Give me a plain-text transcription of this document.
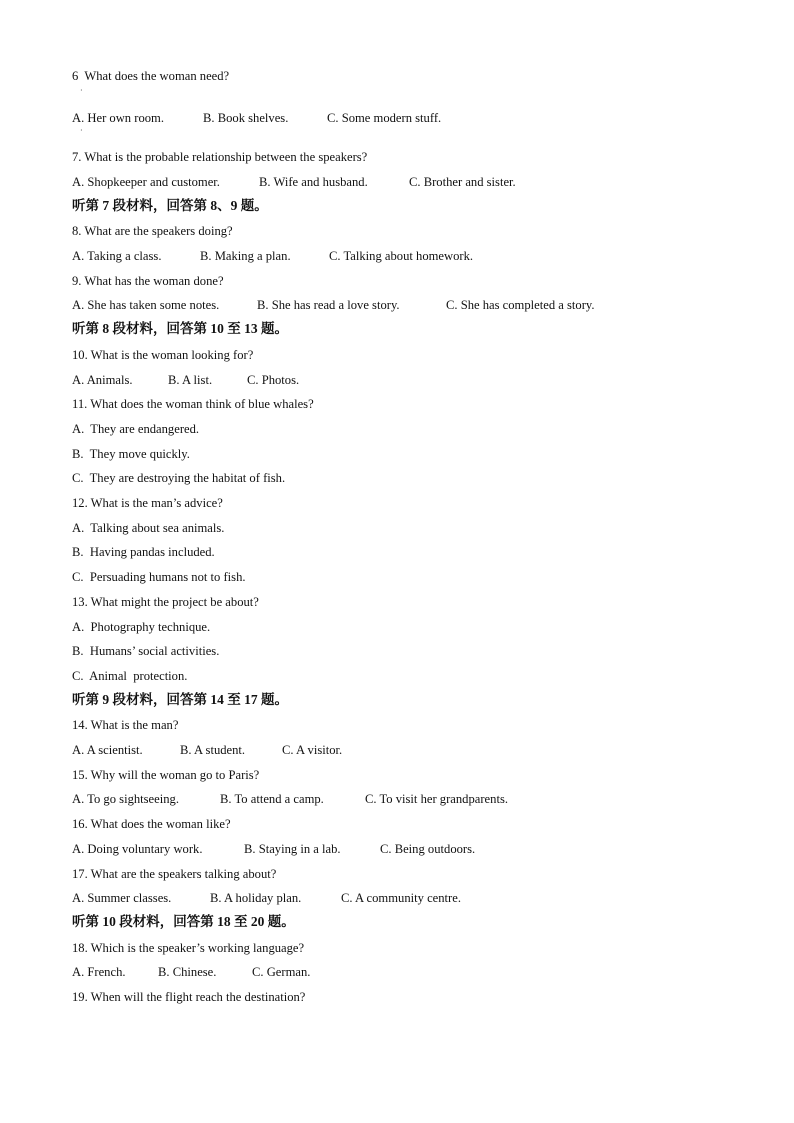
6  What does the woman need?
·
A. Her own room.	B. Book shelves.	C. Some modern stuff.
·
7. What is the probable relationship between the speakers?
A. Shopkeeper and customer.	B. Wife and husband.	C. Brother and sister.
听第 7 段材料，回答第 8、9 题。
8. What are the speakers doing?
A. Taking a class.	B. Making a plan.	C. Talking about homework.
9. What has the woman done?
A. She has taken some notes.	B. She has read a love story.	C. She has completed a story.
听第 8 段材料，回答第 10 至 13 题。
10. What is the woman looking for?
A. Animals.	B. A list.	C. Photos.
11. What does the woman think of blue whales?
A.  They are endangered.
B.  They move quickly.
C.  They are destroying the habitat of fish.
12. What is the man’s advice?
A.  Talking about sea animals.
B.  Having pandas included.
C.  Persuading humans not to fish.
13. What might the project be about?
A.  Photography technique.
B.  Humans’ social activities.
C.  Animal  protection.
听第 9 段材料，回答第 14 至 17 题。
14. What is the man?
A. A scientist.	B. A student.	C. A visitor.
15. Why will the woman go to Paris?
A. To go sightseeing.	B. To attend a camp.	C. To visit her grandparents.
16. What does the woman like?
A. Doing voluntary work.	B. Staying in a lab.	C. Being outdoors.
17. What are the speakers talking about?
A. Summer classes.	B. A holiday plan.	C. A community centre.
听第 10 段材料，回答第 18 至 20 题。
18. Which is the speaker’s working language?
A. French.	B. Chinese.	C. German.
19. When will the flight reach the destination?
